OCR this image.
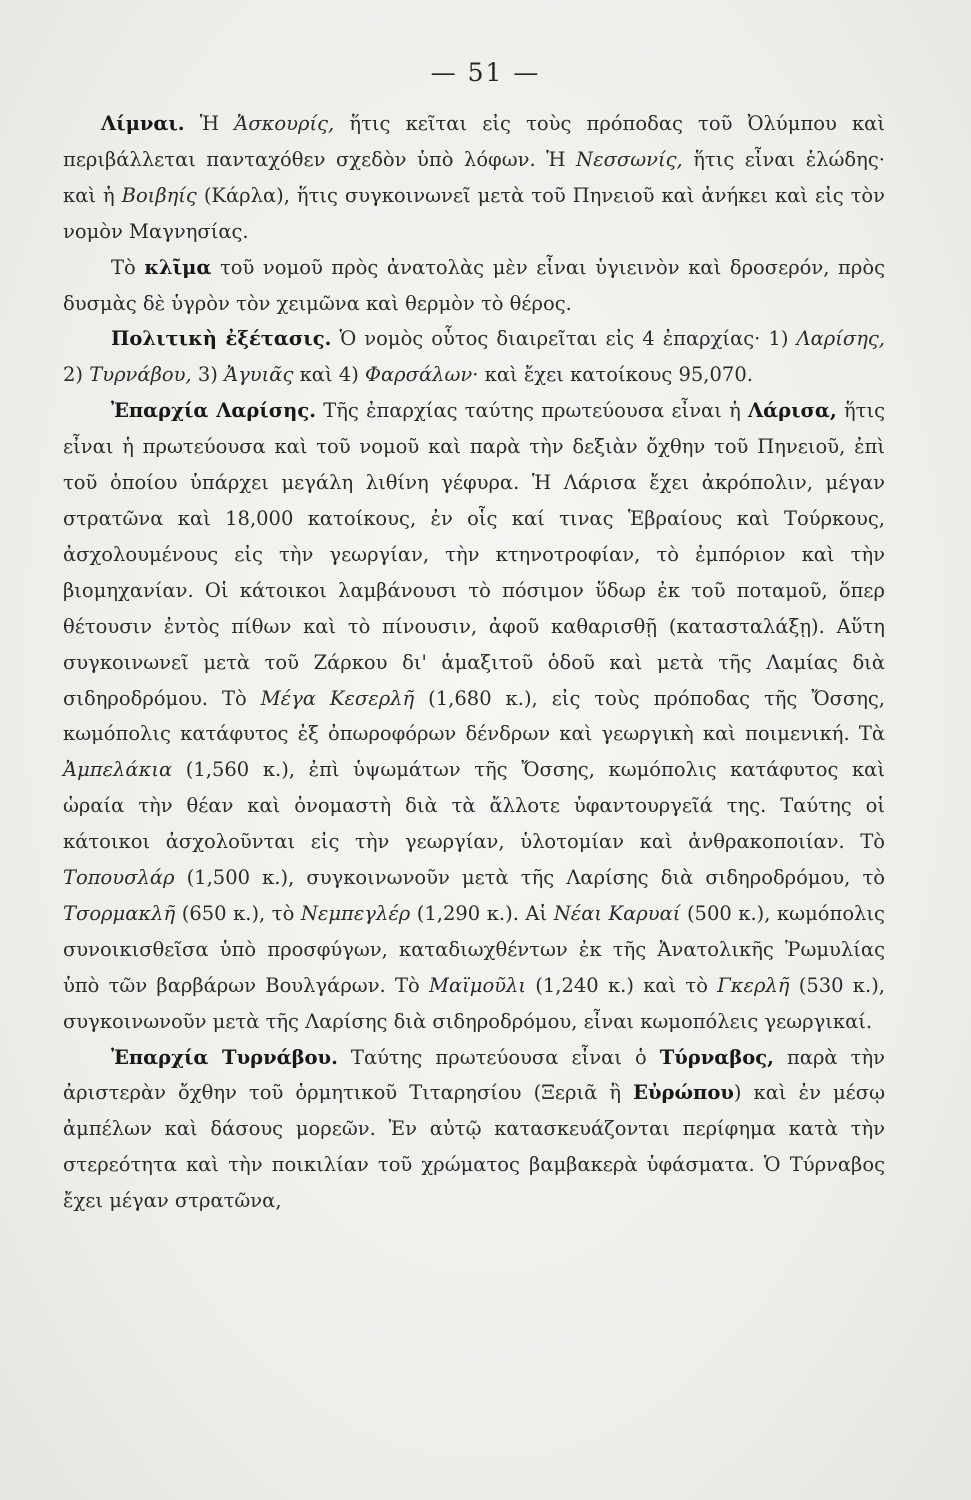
— 51 —

Λίμναι. Ἡ Ἀσκουρίς, ἥτις κεῖται εἰς τοὺς πρόποδας τοῦ Ὀλύμπου καὶ περιβάλλεται πανταχόθεν σχεδὸν ὑπὸ λόφων. Ἡ Νεσσωνίς, ἥτις εἶναι ἑλώδης· καὶ ἡ Βοιβηίς (Κάρλα), ἥτις συγκοινωνεῖ μετὰ τοῦ Πηνειοῦ καὶ ἀνήκει καὶ εἰς τὸν νομὸν Μαγνησίας.

Τὸ κλῖμα τοῦ νομοῦ πρὸς ἀνατολὰς μὲν εἶναι ὑγιεινὸν καὶ δροσερόν, πρὸς δυσμὰς δὲ ὑγρὸν τὸν χειμῶνα καὶ θερμὸν τὸ θέρος.

Πολιτικὴ ἐξέτασις. Ὁ νομὸς οὗτος διαιρεῖται εἰς 4 ἐπαρχίας· 1) Λαρίσης, 2) Τυρνάβου, 3) Ἀγυιᾶς καὶ 4) Φαρσάλων· καὶ ἔχει κατοίκους 95,070.

Ἐπαρχία Λαρίσης. Τῆς ἐπαρχίας ταύτης πρωτεύουσα εἶναι ἡ Λάρισα, ἥτις εἶναι ἡ πρωτεύουσα καὶ τοῦ νομοῦ καὶ παρὰ τὴν δεξιὰν ὄχθην τοῦ Πηνειοῦ, ἐπὶ τοῦ ὁποίου ὑπάρχει μεγάλη λιθίνη γέφυρα. Ἡ Λάρισα ἔχει ἀκρόπολιν, μέγαν στρατῶνα καὶ 18,000 κατοίκους, ἐν οἷς καί τινας Ἑβραίους καὶ Τούρκους, ἀσχολουμένους εἰς τὴν γεωργίαν, τὴν κτηνοτροφίαν, τὸ ἐμπόριον καὶ τὴν βιομηχανίαν. Οἱ κάτοικοι λαμβάνουσι τὸ πόσιμον ὕδωρ ἐκ τοῦ ποταμοῦ, ὅπερ θέτουσιν ἐντὸς πίθων καὶ τὸ πίνουσιν, ἀφοῦ καθαρισθῇ (κατασταλάξῃ). Αὕτη συγκοινωνεῖ μετὰ τοῦ Ζάρκου δι' ἁμαξιτοῦ ὁδοῦ καὶ μετὰ τῆς Λαμίας διὰ σιδηροδρόμου. Τὸ Μέγα Κεσερλῆ (1,680 κ.), εἰς τοὺς πρόποδας τῆς Ὄσσης, κωμόπολις κατάφυτος ἐξ ὀπωροφόρων δένδρων καὶ γεωργικὴ καὶ ποιμενική. Τὰ Ἀμπελάκια (1,560 κ.), ἐπὶ ὑψωμάτων τῆς Ὄσσης, κωμόπολις κατάφυτος καὶ ὡραία τὴν θέαν καὶ ὀνομαστὴ διὰ τὰ ἄλλοτε ὑφαντουργεῖά της. Ταύτης οἱ κάτοικοι ἀσχολοῦνται εἰς τὴν γεωργίαν, ὑλοτομίαν καὶ ἀνθρακοποιίαν. Τὸ Τοπουσλάρ (1,500 κ.), συγκοινωνοῦν μετὰ τῆς Λαρίσης διὰ σιδηροδρόμου, τὸ Τσορμακλῆ (650 κ.), τὸ Νεμπεγλέρ (1,290 κ.). Αἱ Νέαι Καρυαί (500 κ.), κωμόπολις συνοικισθεῖσα ὑπὸ προσφύγων, καταδιωχθέντων ἐκ τῆς Ἀνατολικῆς Ῥωμυλίας ὑπὸ τῶν βαρβάρων Βουλγάρων. Τὸ Μαϊμοῦλι (1,240 κ.) καὶ τὸ Γκερλῆ (530 κ.), συγκοινωνοῦν μετὰ τῆς Λαρίσης διὰ σιδηροδρόμου, εἶναι κωμοπόλεις γεωργικαί.

Ἐπαρχία Τυρνάβου. Ταύτης πρωτεύουσα εἶναι ὁ Τύρναβος, παρὰ τὴν ἀριστερὰν ὄχθην τοῦ ὁρμητικοῦ Τιταρησίου (Ξεριᾶ ἢ Εὐρώπου) καὶ ἐν μέσῳ ἀμπέλων καὶ δάσους μορεῶν. Ἐν αὐτῷ κατασκευάζονται περίφημα κατὰ τὴν στερεότητα καὶ τὴν ποικιλίαν τοῦ χρώματος βαμβακερὰ ὑφάσματα. Ὁ Τύρναβος ἔχει μέγαν στρατῶνα,
